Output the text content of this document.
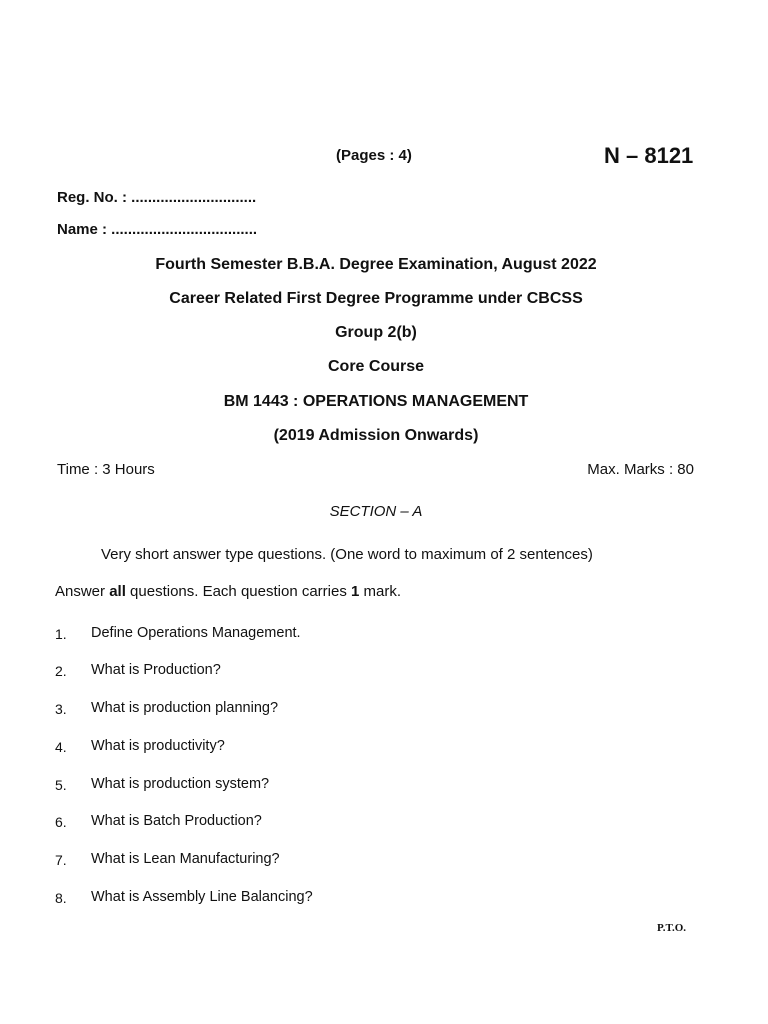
(Pages : 4)	N – 8121
Reg. No. : ..............................
Name : ...................................
Fourth Semester B.B.A. Degree Examination, August 2022
Career Related First Degree Programme under CBCSS
Group 2(b)
Core Course
BM 1443 : OPERATIONS MANAGEMENT
(2019 Admission Onwards)
Time : 3 Hours	Max. Marks : 80
SECTION – A
Very short answer type questions. (One word to maximum of 2 sentences)
Answer all questions. Each question carries 1 mark.
1. Define Operations Management.
2. What is Production?
3. What is production planning?
4. What is productivity?
5. What is production system?
6. What is Batch Production?
7. What is Lean Manufacturing?
8. What is Assembly Line Balancing?
P.T.O.
